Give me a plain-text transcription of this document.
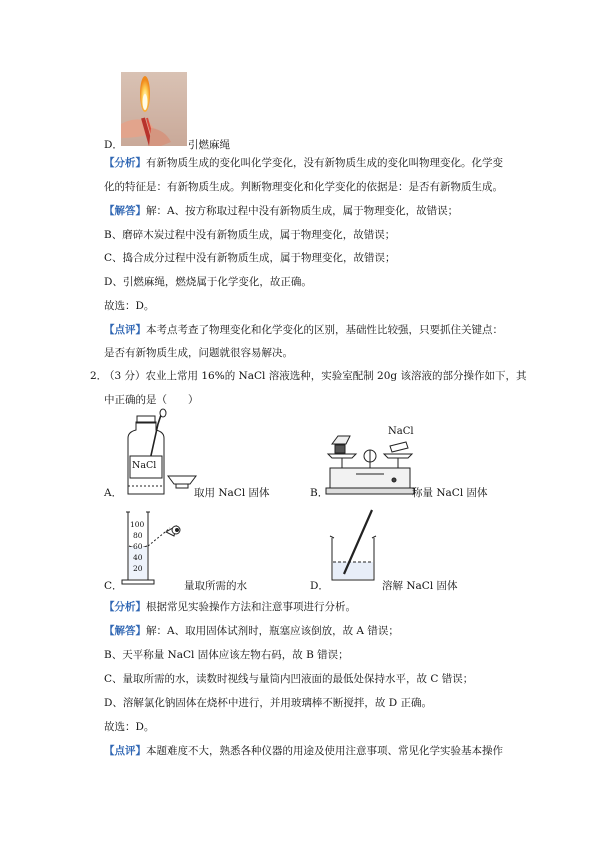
D．	引燃麻绳
【分析】有新物质生成的变化叫化学变化，没有新物质生成的变化叫物理变化。化学变
化的特征是：有新物质生成。判断物理变化和化学变化的依据是：是否有新物质生成。
【解答】解：A、按方称取过程中没有新物质生成，属于物理变化，故错误；
B、磨碎木炭过程中没有新物质生成，属于物理变化，故错误；
C、捣合成分过程中没有新物质生成，属于物理变化，故错误；
D、引燃麻绳，燃烧属于化学变化，故正确。
故选：D。
【点评】本考点考查了物理变化和化学变化的区别，基础性比较强，只要抓住关键点：
是否有新物质生成，问题就很容易解决。
2．
（3 分）农业上常用 16%的 NaCl 溶液选种，实验室配制 20g 该溶液的部分操作如下，其
中正确的是（　　）
NaCl
A．	取用 NaCl 固体
NaCl
B．	称量 NaCl 固体
100
80
60
40
20
C．	量取所需的水	D．	溶解 NaCl 固体
【分析】根据常见实验操作方法和注意事项进行分析。
【解答】解：A、取用固体试剂时，瓶塞应该倒放，故 A 错误；
B、天平称量 NaCl 固体应该左物右码，故 B 错误；
C、量取所需的水，读数时视线与量筒内凹液面的最低处保持水平，故 C 错误；
D、溶解氯化钠固体在烧杯中进行，并用玻璃棒不断搅拌，故 D 正确。
故选：D。
【点评】本题难度不大，熟悉各种仪器的用途及使用注意事项、常见化学实验基本操作
